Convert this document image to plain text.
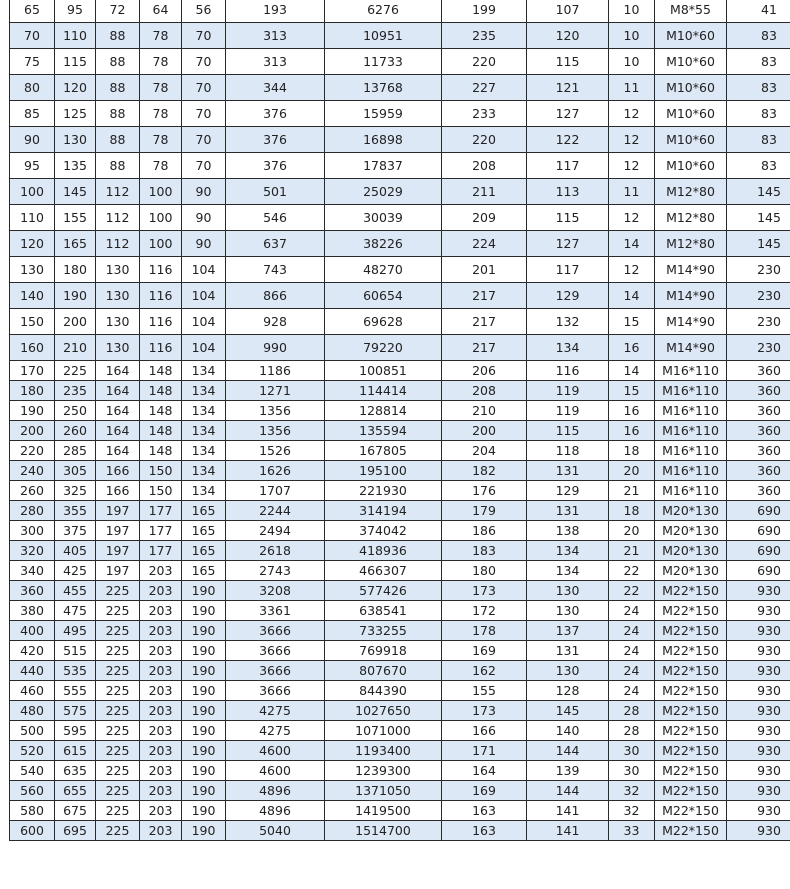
65	95	72	64	56	193	6276	199	107	10	M8*55	41
70	110	88	78	70	313	10951	235	120	10	M10*60	83
75	115	88	78	70	313	11733	220	115	10	M10*60	83
80	120	88	78	70	344	13768	227	121	11	M10*60	83
85	125	88	78	70	376	15959	233	127	12	M10*60	83
90	130	88	78	70	376	16898	220	122	12	M10*60	83
95	135	88	78	70	376	17837	208	117	12	M10*60	83
100	145	112	100	90	501	25029	211	113	11	M12*80	145
110	155	112	100	90	546	30039	209	115	12	M12*80	145
120	165	112	100	90	637	38226	224	127	14	M12*80	145
130	180	130	116	104	743	48270	201	117	12	M14*90	230
140	190	130	116	104	866	60654	217	129	14	M14*90	230
150	200	130	116	104	928	69628	217	132	15	M14*90	230
160	210	130	116	104	990	79220	217	134	16	M14*90	230
170	225	164	148	134	1186	100851	206	116	14	M16*110	360
180	235	164	148	134	1271	114414	208	119	15	M16*110	360
190	250	164	148	134	1356	128814	210	119	16	M16*110	360
200	260	164	148	134	1356	135594	200	115	16	M16*110	360
220	285	164	148	134	1526	167805	204	118	18	M16*110	360
240	305	166	150	134	1626	195100	182	131	20	M16*110	360
260	325	166	150	134	1707	221930	176	129	21	M16*110	360
280	355	197	177	165	2244	314194	179	131	18	M20*130	690
300	375	197	177	165	2494	374042	186	138	20	M20*130	690
320	405	197	177	165	2618	418936	183	134	21	M20*130	690
340	425	197	203	165	2743	466307	180	134	22	M20*130	690
360	455	225	203	190	3208	577426	173	130	22	M22*150	930
380	475	225	203	190	3361	638541	172	130	24	M22*150	930
400	495	225	203	190	3666	733255	178	137	24	M22*150	930
420	515	225	203	190	3666	769918	169	131	24	M22*150	930
440	535	225	203	190	3666	807670	162	130	24	M22*150	930
460	555	225	203	190	3666	844390	155	128	24	M22*150	930
480	575	225	203	190	4275	1027650	173	145	28	M22*150	930
500	595	225	203	190	4275	1071000	166	140	28	M22*150	930
520	615	225	203	190	4600	1193400	171	144	30	M22*150	930
540	635	225	203	190	4600	1239300	164	139	30	M22*150	930
560	655	225	203	190	4896	1371050	169	144	32	M22*150	930
580	675	225	203	190	4896	1419500	163	141	32	M22*150	930
600	695	225	203	190	5040	1514700	163	141	33	M22*150	930
